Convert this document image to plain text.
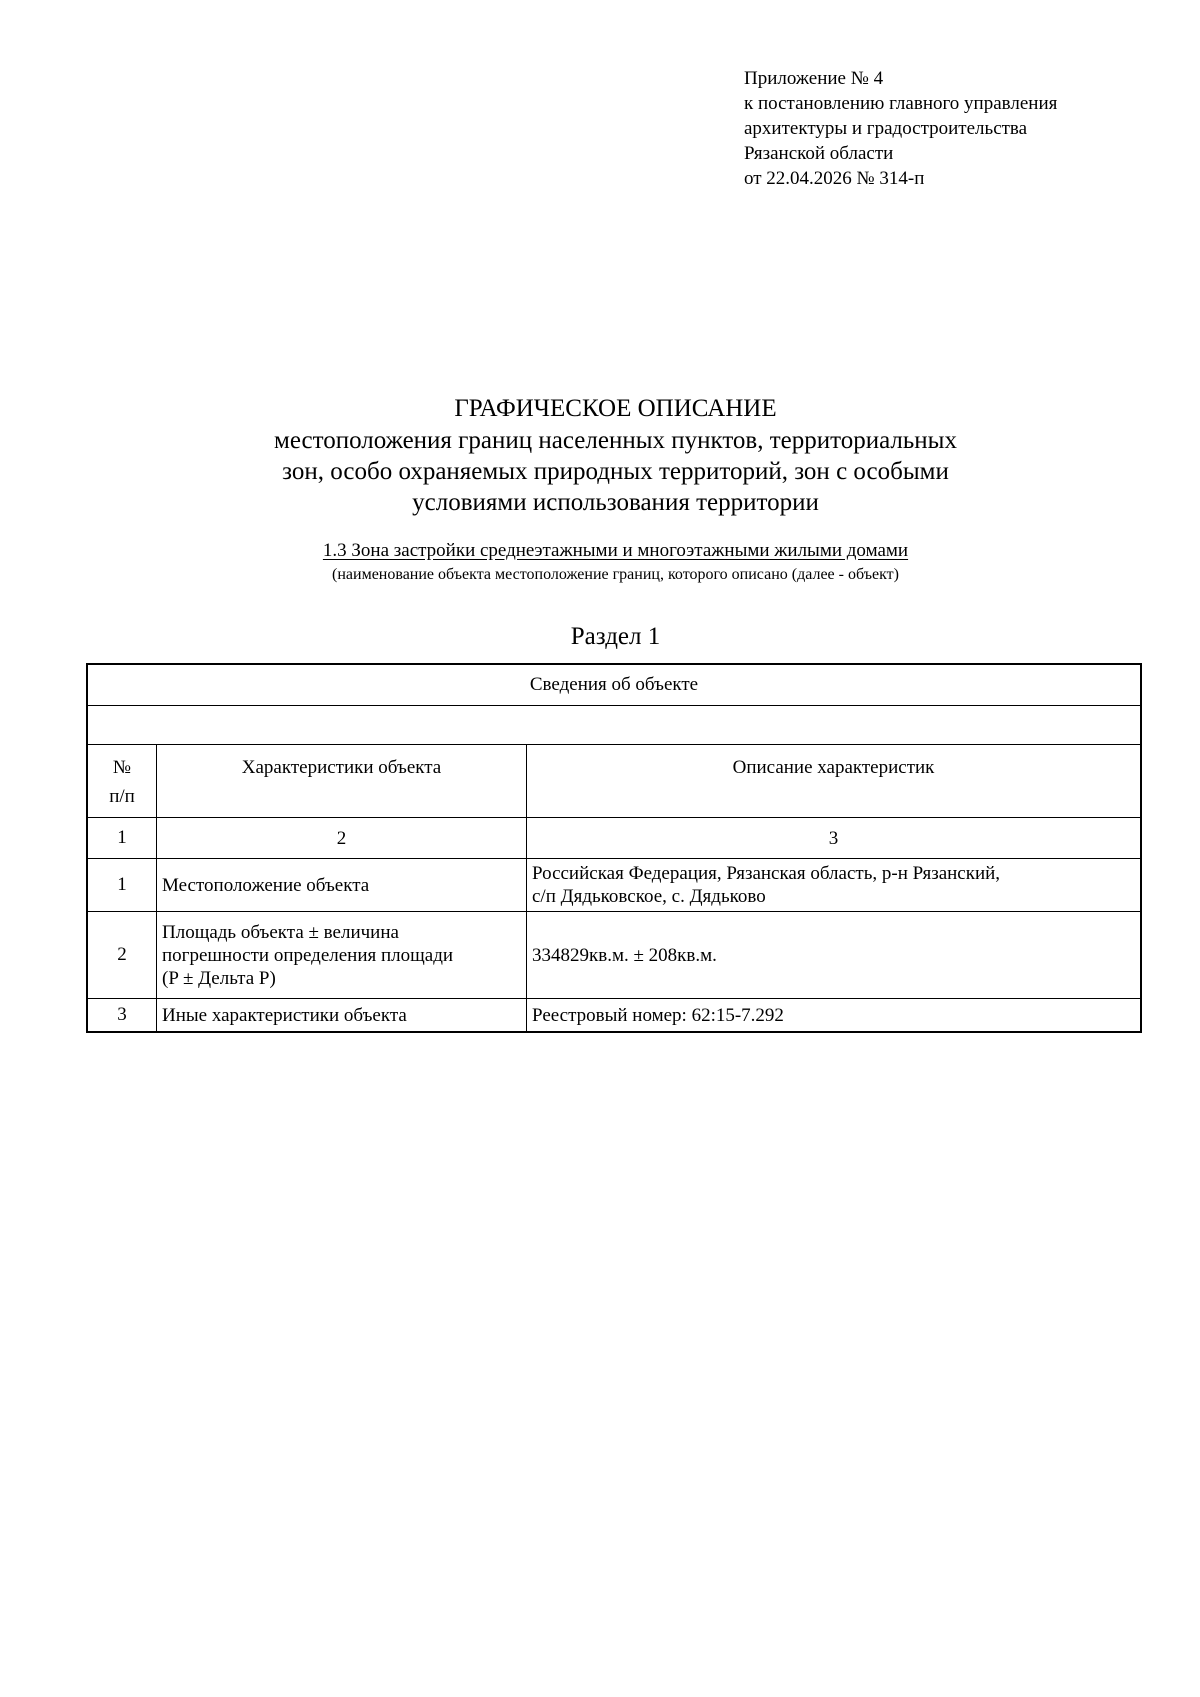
Приложение № 4
к постановлению главного управления
архитектуры и градостроительства
Рязанской области
от 22.04.2026 № 314-п
ГРАФИЧЕСКОЕ ОПИСАНИЕ
местоположения границ населенных пунктов, территориальных
зон, особо охраняемых природных территорий, зон с особыми
условиями использования территории
1.3 Зона застройки среднеэтажными и многоэтажными жилыми домами
(наименование объекта местоположение границ, которого описано (далее - объект)
Раздел 1
Сведения об объекте		

№
п/п	Характеристики объекта	Описание характеристик
1	2	3
1	Местоположение объекта	Российская Федерация, Рязанская область, р-н Рязанский,
с/п Дядьковское, с. Дядьково

2	Площадь объекта ± величина
погрешности определения площади
(P ± Дельта P)	334829кв.м. ± 208кв.м.
3	Иные характеристики объекта	Реестровый номер: 62:15-7.292
